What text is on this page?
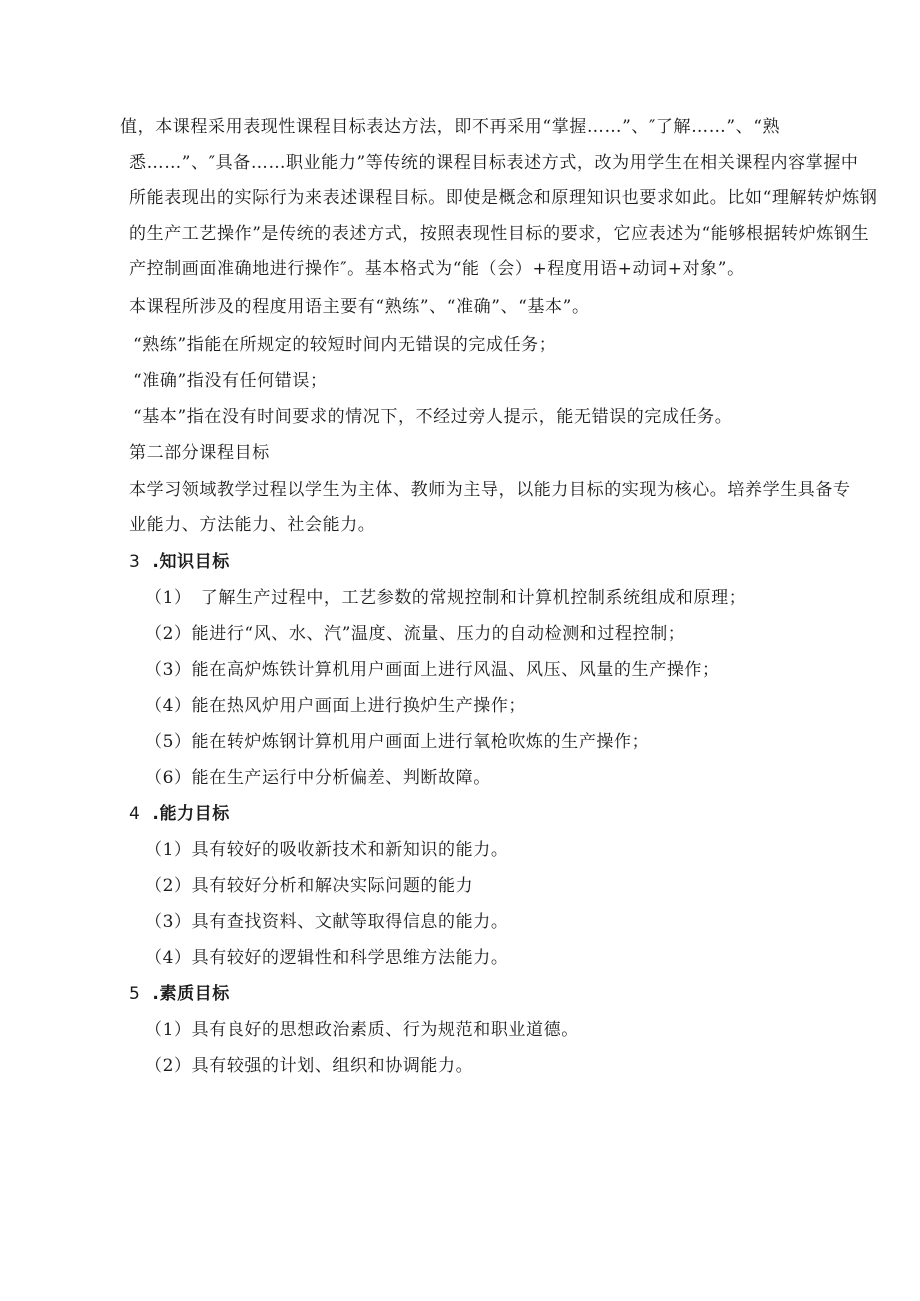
值，本课程采用表现性课程目标表达方法，即不再采用“掌握……”、″了解……”、“熟
悉……”、″具备……职业能力”等传统的课程目标表述方式，改为用学生在相关课程内容掌握中
所能表现出的实际行为来表述课程目标。即使是概念和原理知识也要求如此。比如“理解转炉炼钢
的生产工艺操作”是传统的表述方式，按照表现性目标的要求，它应表述为“能够根据转炉炼钢生
产控制画面准确地进行操作″。基本格式为“能（会）+程度用语+动词+对象”。
本课程所涉及的程度用语主要有“熟练”、“准确”、“基本”。
“熟练”指能在所规定的较短时间内无错误的完成任务；
“准确”指没有任何错误；
“基本”指在没有时间要求的情况下，不经过旁人提示，能无错误的完成任务。
第二部分课程目标
本学习领域教学过程以学生为主体、教师为主导，以能力目标的实现为核心。培养学生具备专
业能力、方法能力、社会能力。
3 .知识目标
（1）　了解生产过程中，工艺参数的常规控制和计算机控制系统组成和原理；
（2）能进行“风、水、汽”温度、流量、压力的自动检测和过程控制；
（3）能在高炉炼铁计算机用户画面上进行风温、风压、风量的生产操作；
（4）能在热风炉用户画面上进行换炉生产操作；
（5）能在转炉炼钢计算机用户画面上进行氧枪吹炼的生产操作；
（6）能在生产运行中分析偏差、判断故障。
4 .能力目标
（1）具有较好的吸收新技术和新知识的能力。
（2）具有较好分析和解决实际问题的能力
（3）具有查找资料、文献等取得信息的能力。
（4）具有较好的逻辑性和科学思维方法能力。
5 .素质目标
（1）具有良好的思想政治素质、行为规范和职业道德。
（2）具有较强的计划、组织和协调能力。
